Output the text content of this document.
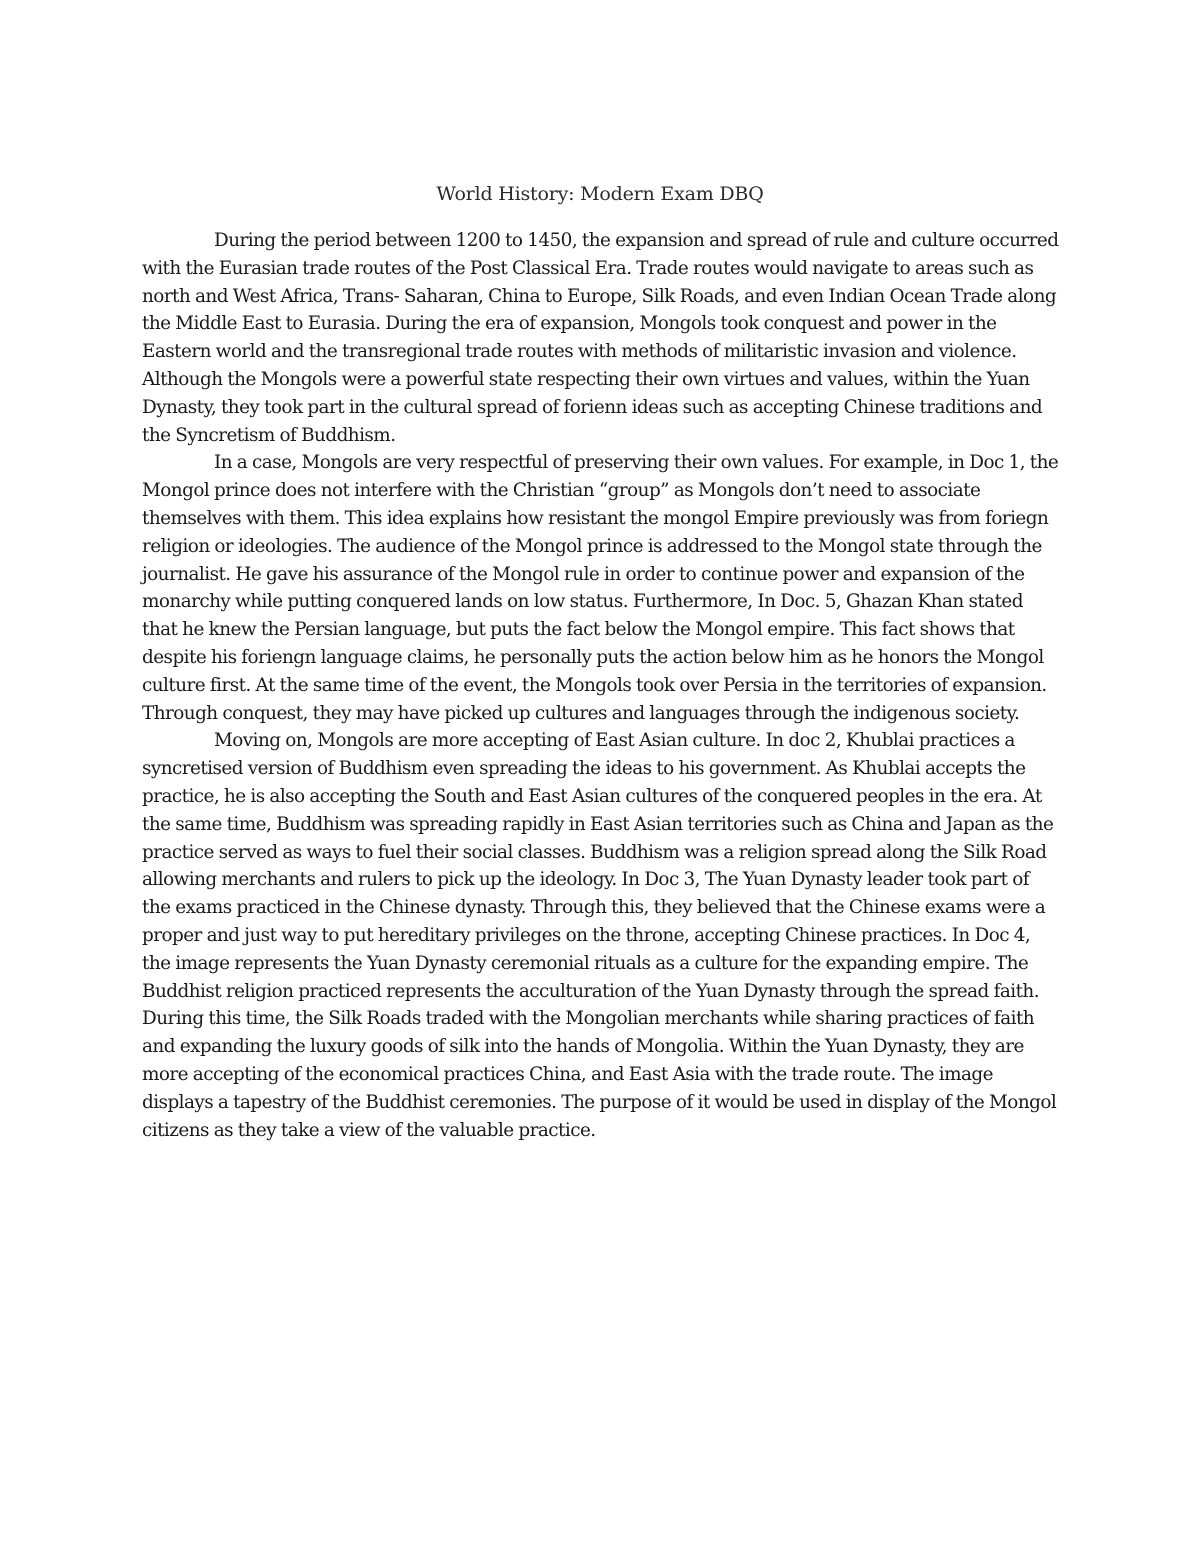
World History: Modern Exam DBQ

During the period between 1200 to 1450, the expansion and spread of rule and culture occurred with the Eurasian trade routes of the Post Classical Era. Trade routes would navigate to areas such as north and West Africa, Trans- Saharan, China to Europe, Silk Roads, and even Indian Ocean Trade along the Middle East to Eurasia. During the era of expansion, Mongols took conquest and power in the Eastern world and the transregional trade routes with methods of militaristic invasion and violence. Although the Mongols were a powerful state respecting their own virtues and values, within the Yuan Dynasty, they took part in the cultural spread of forienn ideas such as accepting Chinese traditions and the Syncretism of Buddhism.

In a case, Mongols are very respectful of preserving their own values. For example, in Doc 1, the Mongol prince does not interfere with the Christian “group” as Mongols don’t need to associate themselves with them. This idea explains how resistant the mongol Empire previously was from foriegn religion or ideologies. The audience of the Mongol prince is addressed to the Mongol state through the journalist. He gave his assurance of the Mongol rule in order to continue power and expansion of the monarchy while putting conquered lands on low status. Furthermore, In Doc. 5, Ghazan Khan stated that he knew the Persian language, but puts the fact below the Mongol empire. This fact shows that despite his foriengn language claims, he personally puts the action below him as he honors the Mongol culture first. At the same time of the event, the Mongols took over Persia in the territories of expansion. Through conquest, they may have picked up cultures and languages through the indigenous society.

Moving on, Mongols are more accepting of East Asian culture. In doc 2, Khublai practices a syncretised version of Buddhism even spreading the ideas to his government. As Khublai accepts the practice, he is also accepting the South and East Asian cultures of the conquered peoples in the era. At the same time, Buddhism was spreading rapidly in East Asian territories such as China and Japan as the practice served as ways to fuel their social classes. Buddhism was a religion spread along the Silk Road allowing merchants and rulers to pick up the ideology. In Doc 3, The Yuan Dynasty leader took part of the exams practiced in the Chinese dynasty. Through this, they believed that the Chinese exams were a proper and just way to put hereditary privileges on the throne, accepting Chinese practices. In Doc 4, the image represents the Yuan Dynasty ceremonial rituals as a culture for the expanding empire. The Buddhist religion practiced represents the acculturation of the Yuan Dynasty through the spread faith. During this time, the Silk Roads traded with the Mongolian merchants while sharing practices of faith and expanding the luxury goods of silk into the hands of Mongolia. Within the Yuan Dynasty, they are more accepting of the economical practices China, and East Asia with the trade route. The image displays a tapestry of the Buddhist ceremonies. The purpose of it would be used in display of the Mongol citizens as they take a view of the valuable practice.
